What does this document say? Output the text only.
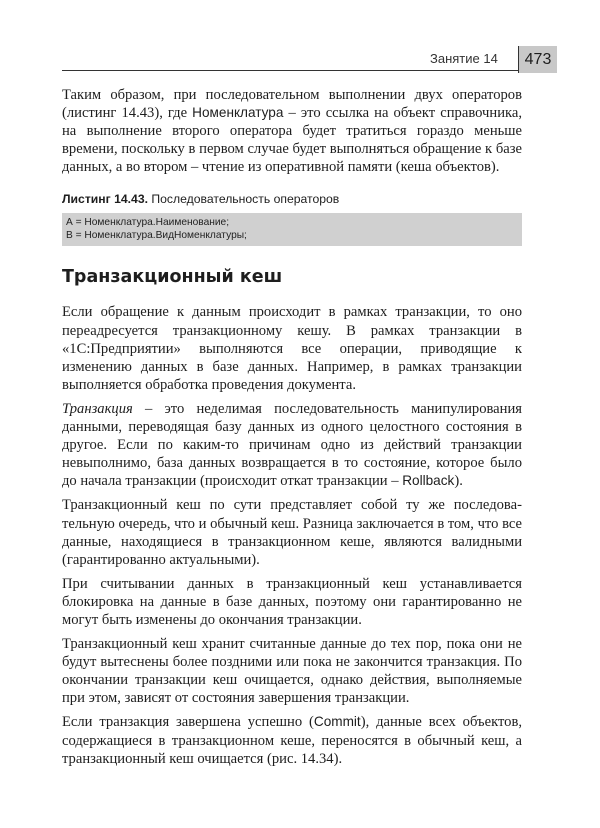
Занятие 14	473

Таким образом, при последовательном выполнении двух операторов (листинг 14.43), где Номенклатура – это ссылка на объект справочника, на выполнение второго оператора будет тратиться гораздо меньше времени, поскольку в первом случае будет выполняться обращение к базе данных, а во втором – чтение из оперативной памяти (кеша объектов).

Листинг 14.43. Последовательность операторов
А = Номенклатура.Наименование;
В = Номенклатура.ВидНоменклатуры;
Транзакционный кеш

Если обращение к данным происходит в рамках транзакции, то оно переадресуется транзакционному кешу. В рамках транзакции в «1С:Предприятии» выполняются все операции, приводящие к изменению данных в базе данных. Например, в рамках транзакции выполняется обработка проведения документа.

Транзакция – это неделимая последовательность манипулирования данными, переводящая базу данных из одного целостного состояния в другое. Если по каким-то причинам одно из действий транзакции невыполнимо, база данных возвращается в то состояние, которое было до начала транзакции (происходит откат транзакции – Rollback).

Транзакционный кеш по сути представляет собой ту же последовательную очередь, что и обычный кеш. Разница заключается в том, что все данные, находящиеся в транзакционном кеше, являются валидными (гарантированно актуальными).

При считывании данных в транзакционный кеш устанавливается блокировка на данные в базе данных, поэтому они гарантированно не могут быть изменены до окончания транзакции.

Транзакционный кеш хранит считанные данные до тех пор, пока они не будут вытеснены более поздними или пока не закончится транзакция. По окончании транзакции кеш очищается, однако действия, выполняемые при этом, зависят от состояния завершения транзакции.

Если транзакция завершена успешно (Commit), данные всех объектов, содержащиеся в транзакционном кеше, переносятся в обычный кеш, а транзакционный кеш очищается (рис. 14.34).
